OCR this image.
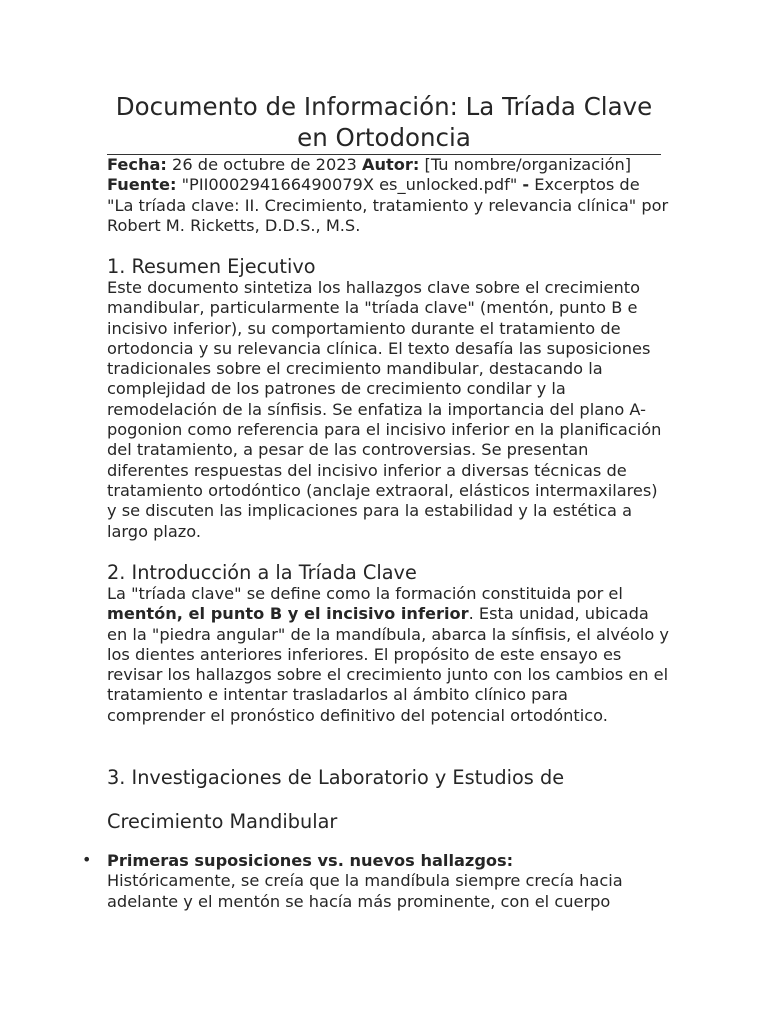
Documento de Información: La Tríada Clave en Ortodoncia

Fecha: 26 de octubre de 2023 Autor: [Tu nombre/organización]
Fuente: "PII000294166490079X es_unlocked.pdf" - Excerptos de "La tríada clave: II. Crecimiento, tratamiento y relevancia clínica" por Robert M. Ricketts, D.D.S., M.S.

1. Resumen Ejecutivo

Este documento sintetiza los hallazgos clave sobre el crecimiento mandibular, particularmente la "tríada clave" (mentón, punto B e incisivo inferior), su comportamiento durante el tratamiento de ortodoncia y su relevancia clínica. El texto desafía las suposiciones tradicionales sobre el crecimiento mandibular, destacando la complejidad de los patrones de crecimiento condilar y la remodelación de la sínfisis. Se enfatiza la importancia del plano A-pogonion como referencia para el incisivo inferior en la planificación del tratamiento, a pesar de las controversias. Se presentan diferentes respuestas del incisivo inferior a diversas técnicas de tratamiento ortodóntico (anclaje extraoral, elásticos intermaxilares) y se discuten las implicaciones para la estabilidad y la estética a largo plazo.

2. Introducción a la Tríada Clave

La "tríada clave" se define como la formación constituida por el mentón, el punto B y el incisivo inferior. Esta unidad, ubicada en la "piedra angular" de la mandíbula, abarca la sínfisis, el alvéolo y los dientes anteriores inferiores. El propósito de este ensayo es revisar los hallazgos sobre el crecimiento junto con los cambios en el tratamiento e intentar trasladarlos al ámbito clínico para comprender el pronóstico definitivo del potencial ortodóntico.

3. Investigaciones de Laboratorio y Estudios de
Crecimiento Mandibular
• Primeras suposiciones vs. nuevos hallazgos:
Históricamente, se creía que la mandíbula siempre crecía hacia adelante y el mentón se hacía más prominente, con el cuerpo
